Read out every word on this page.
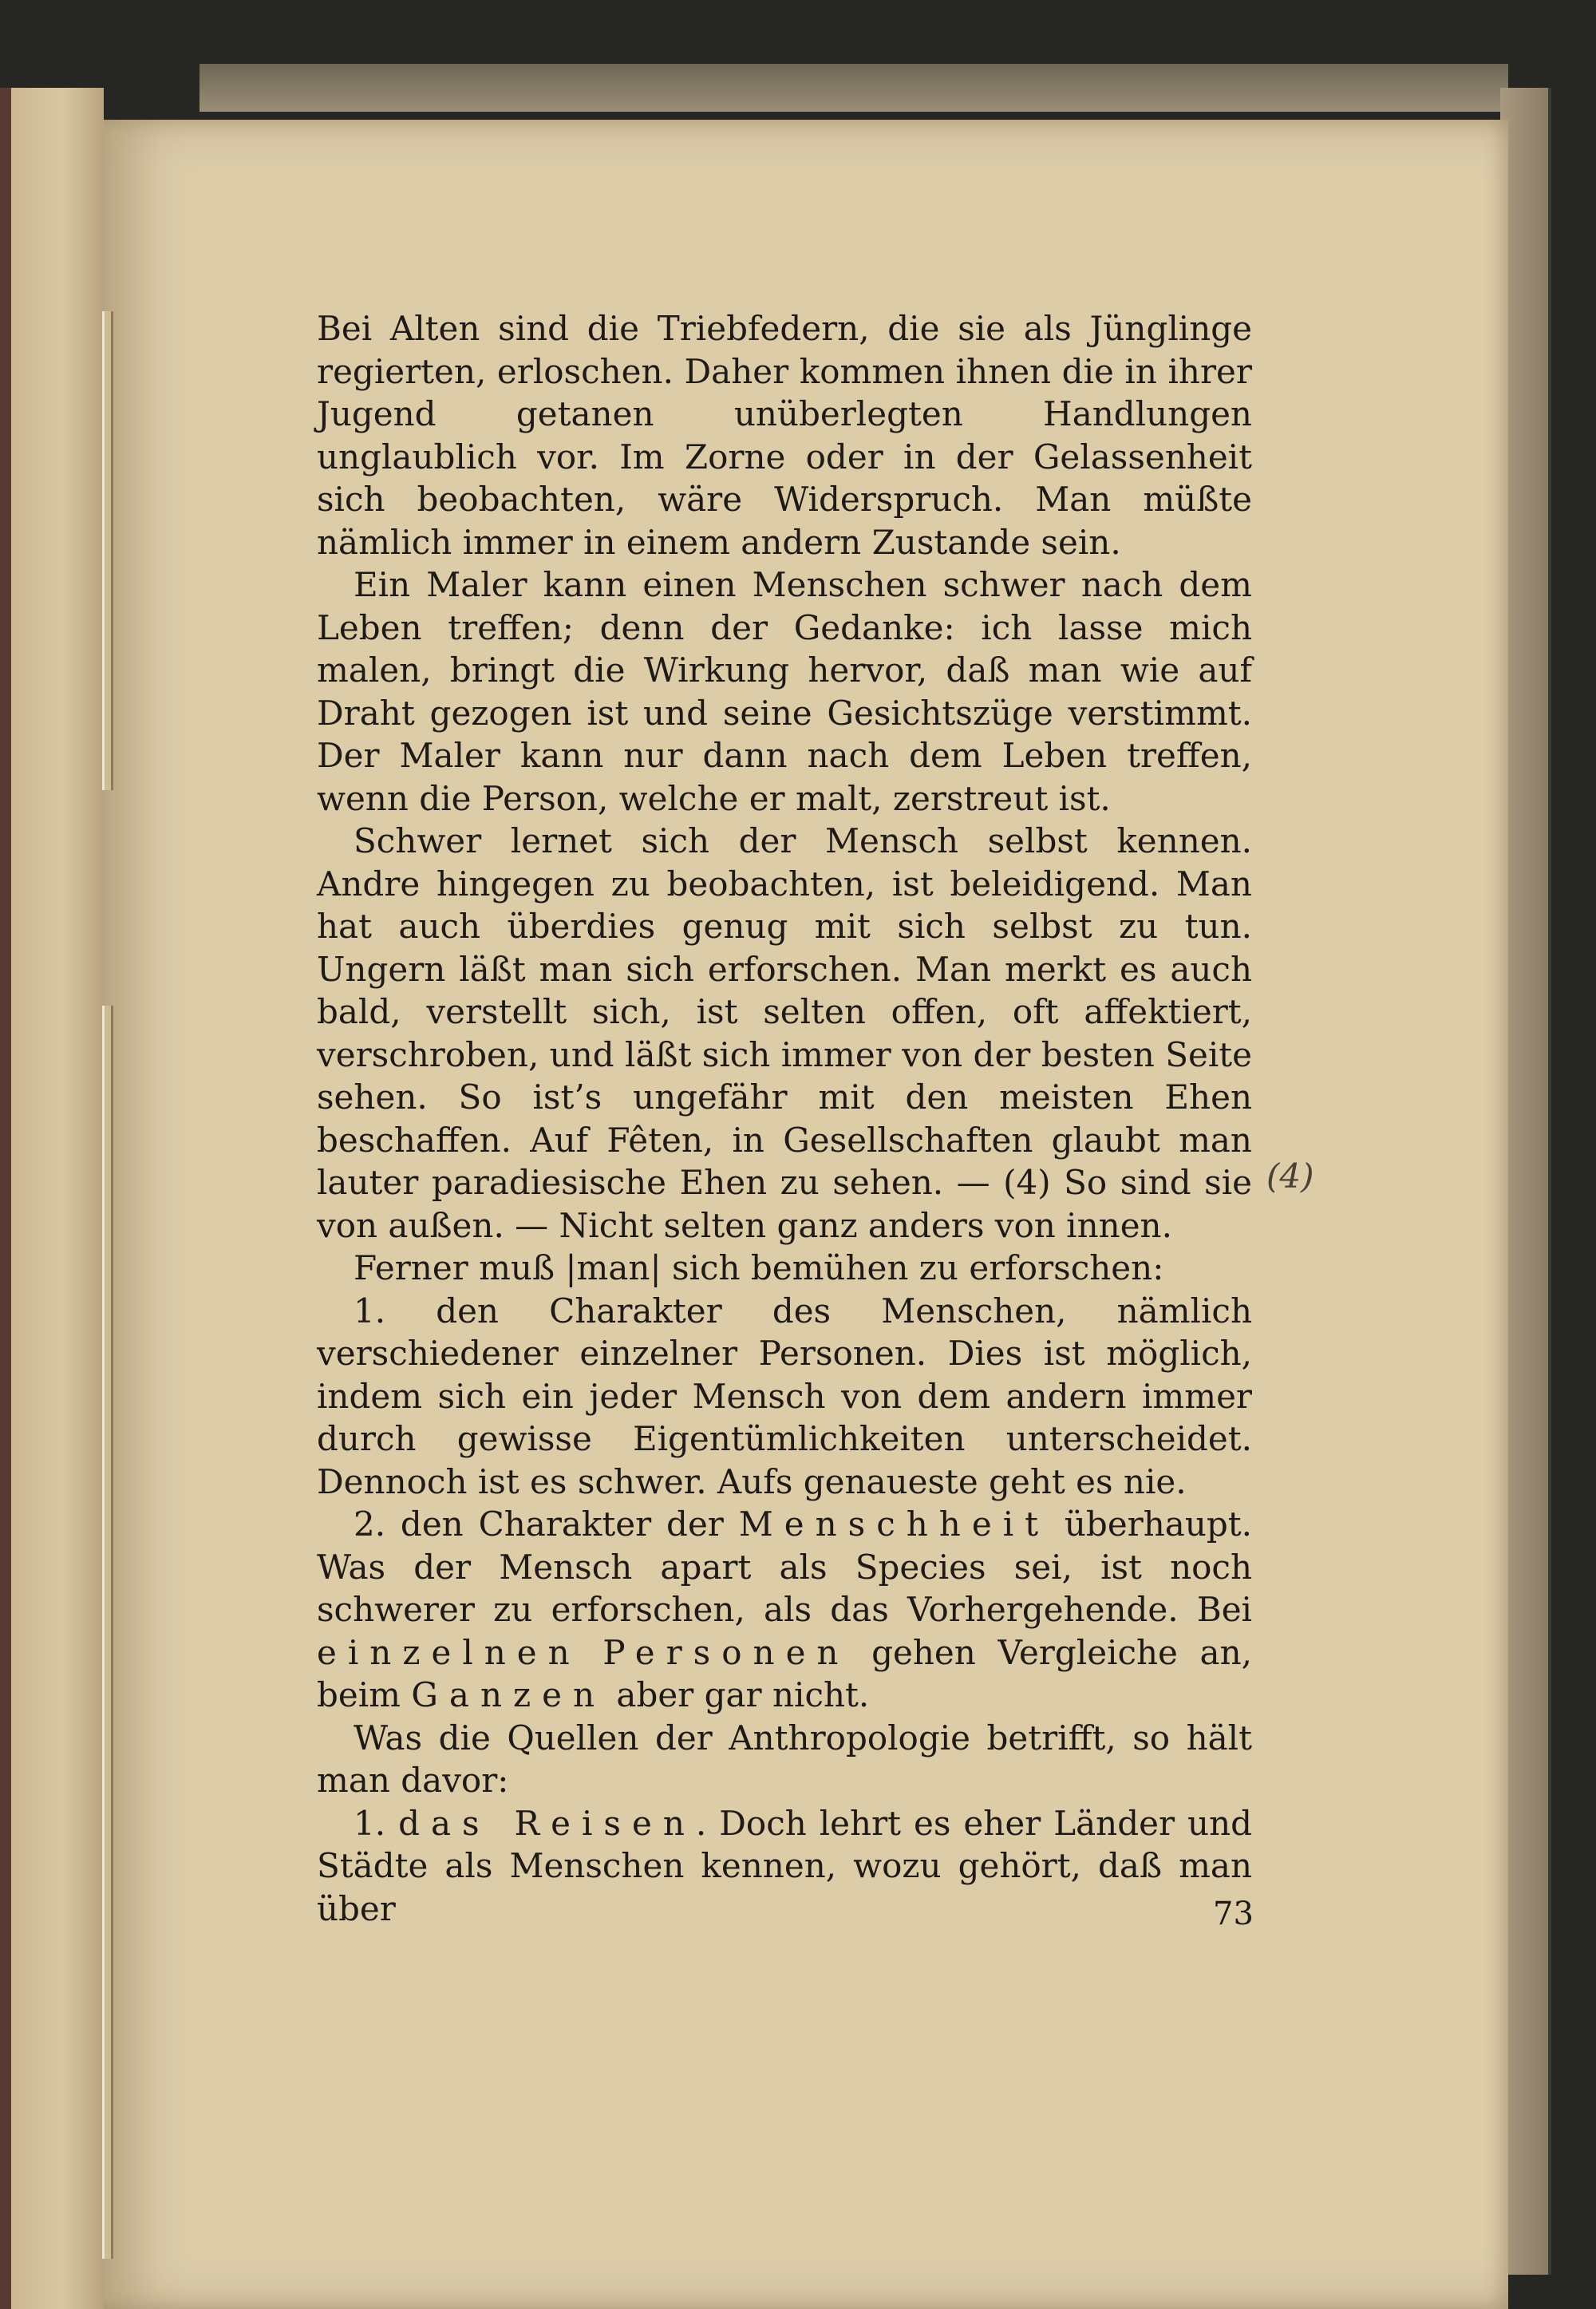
Bei Alten sind die Triebfedern, die sie als Jünglinge regierten, erloschen. Daher kommen ihnen die in ihrer Jugend getanen unüberlegten Handlungen unglaublich vor. Im Zorne oder in der Gelassenheit sich beobachten, wäre Widerspruch. Man müßte nämlich immer in einem andern Zustande sein.

Ein Maler kann einen Menschen schwer nach dem Leben treffen; denn der Gedanke: ich lasse mich malen, bringt die Wirkung hervor, daß man wie auf Draht gezogen ist und seine Gesichtszüge verstimmt. Der Maler kann nur dann nach dem Leben treffen, wenn die Person, welche er malt, zerstreut ist.

Schwer lernet sich der Mensch selbst kennen. Andre hingegen zu beobachten, ist beleidigend. Man hat auch überdies genug mit sich selbst zu tun. Ungern läßt man sich erforschen. Man merkt es auch bald, verstellt sich, ist selten offen, oft affektiert, verschroben, und läßt sich immer von der besten Seite sehen. So ist’s ungefähr mit den meisten Ehen beschaffen. Auf Fêten, in Gesellschaften glaubt man lauter paradiesische Ehen zu sehen. — (4) So sind sie von außen. — Nicht selten ganz anders von innen.

Ferner muß |man| sich bemühen zu erforschen:

1. den Charakter des Menschen, nämlich verschiedener einzelner Personen. Dies ist möglich, indem sich ein jeder Mensch von dem andern immer durch gewisse Eigentümlichkeiten unterscheidet. Dennoch ist es schwer. Aufs genaueste geht es nie.

2. den Charakter der Menschheit überhaupt. Was der Mensch apart als Species sei, ist noch schwerer zu erforschen, als das Vorhergehende. Bei einzelnen Personen gehen Vergleiche an, beim Ganzen aber gar nicht.

Was die Quellen der Anthropologie betrifft, so hält man davor:

1. das Reisen. Doch lehrt es eher Länder und Städte als Menschen kennen, wozu gehört, daß man über

(4)
73
